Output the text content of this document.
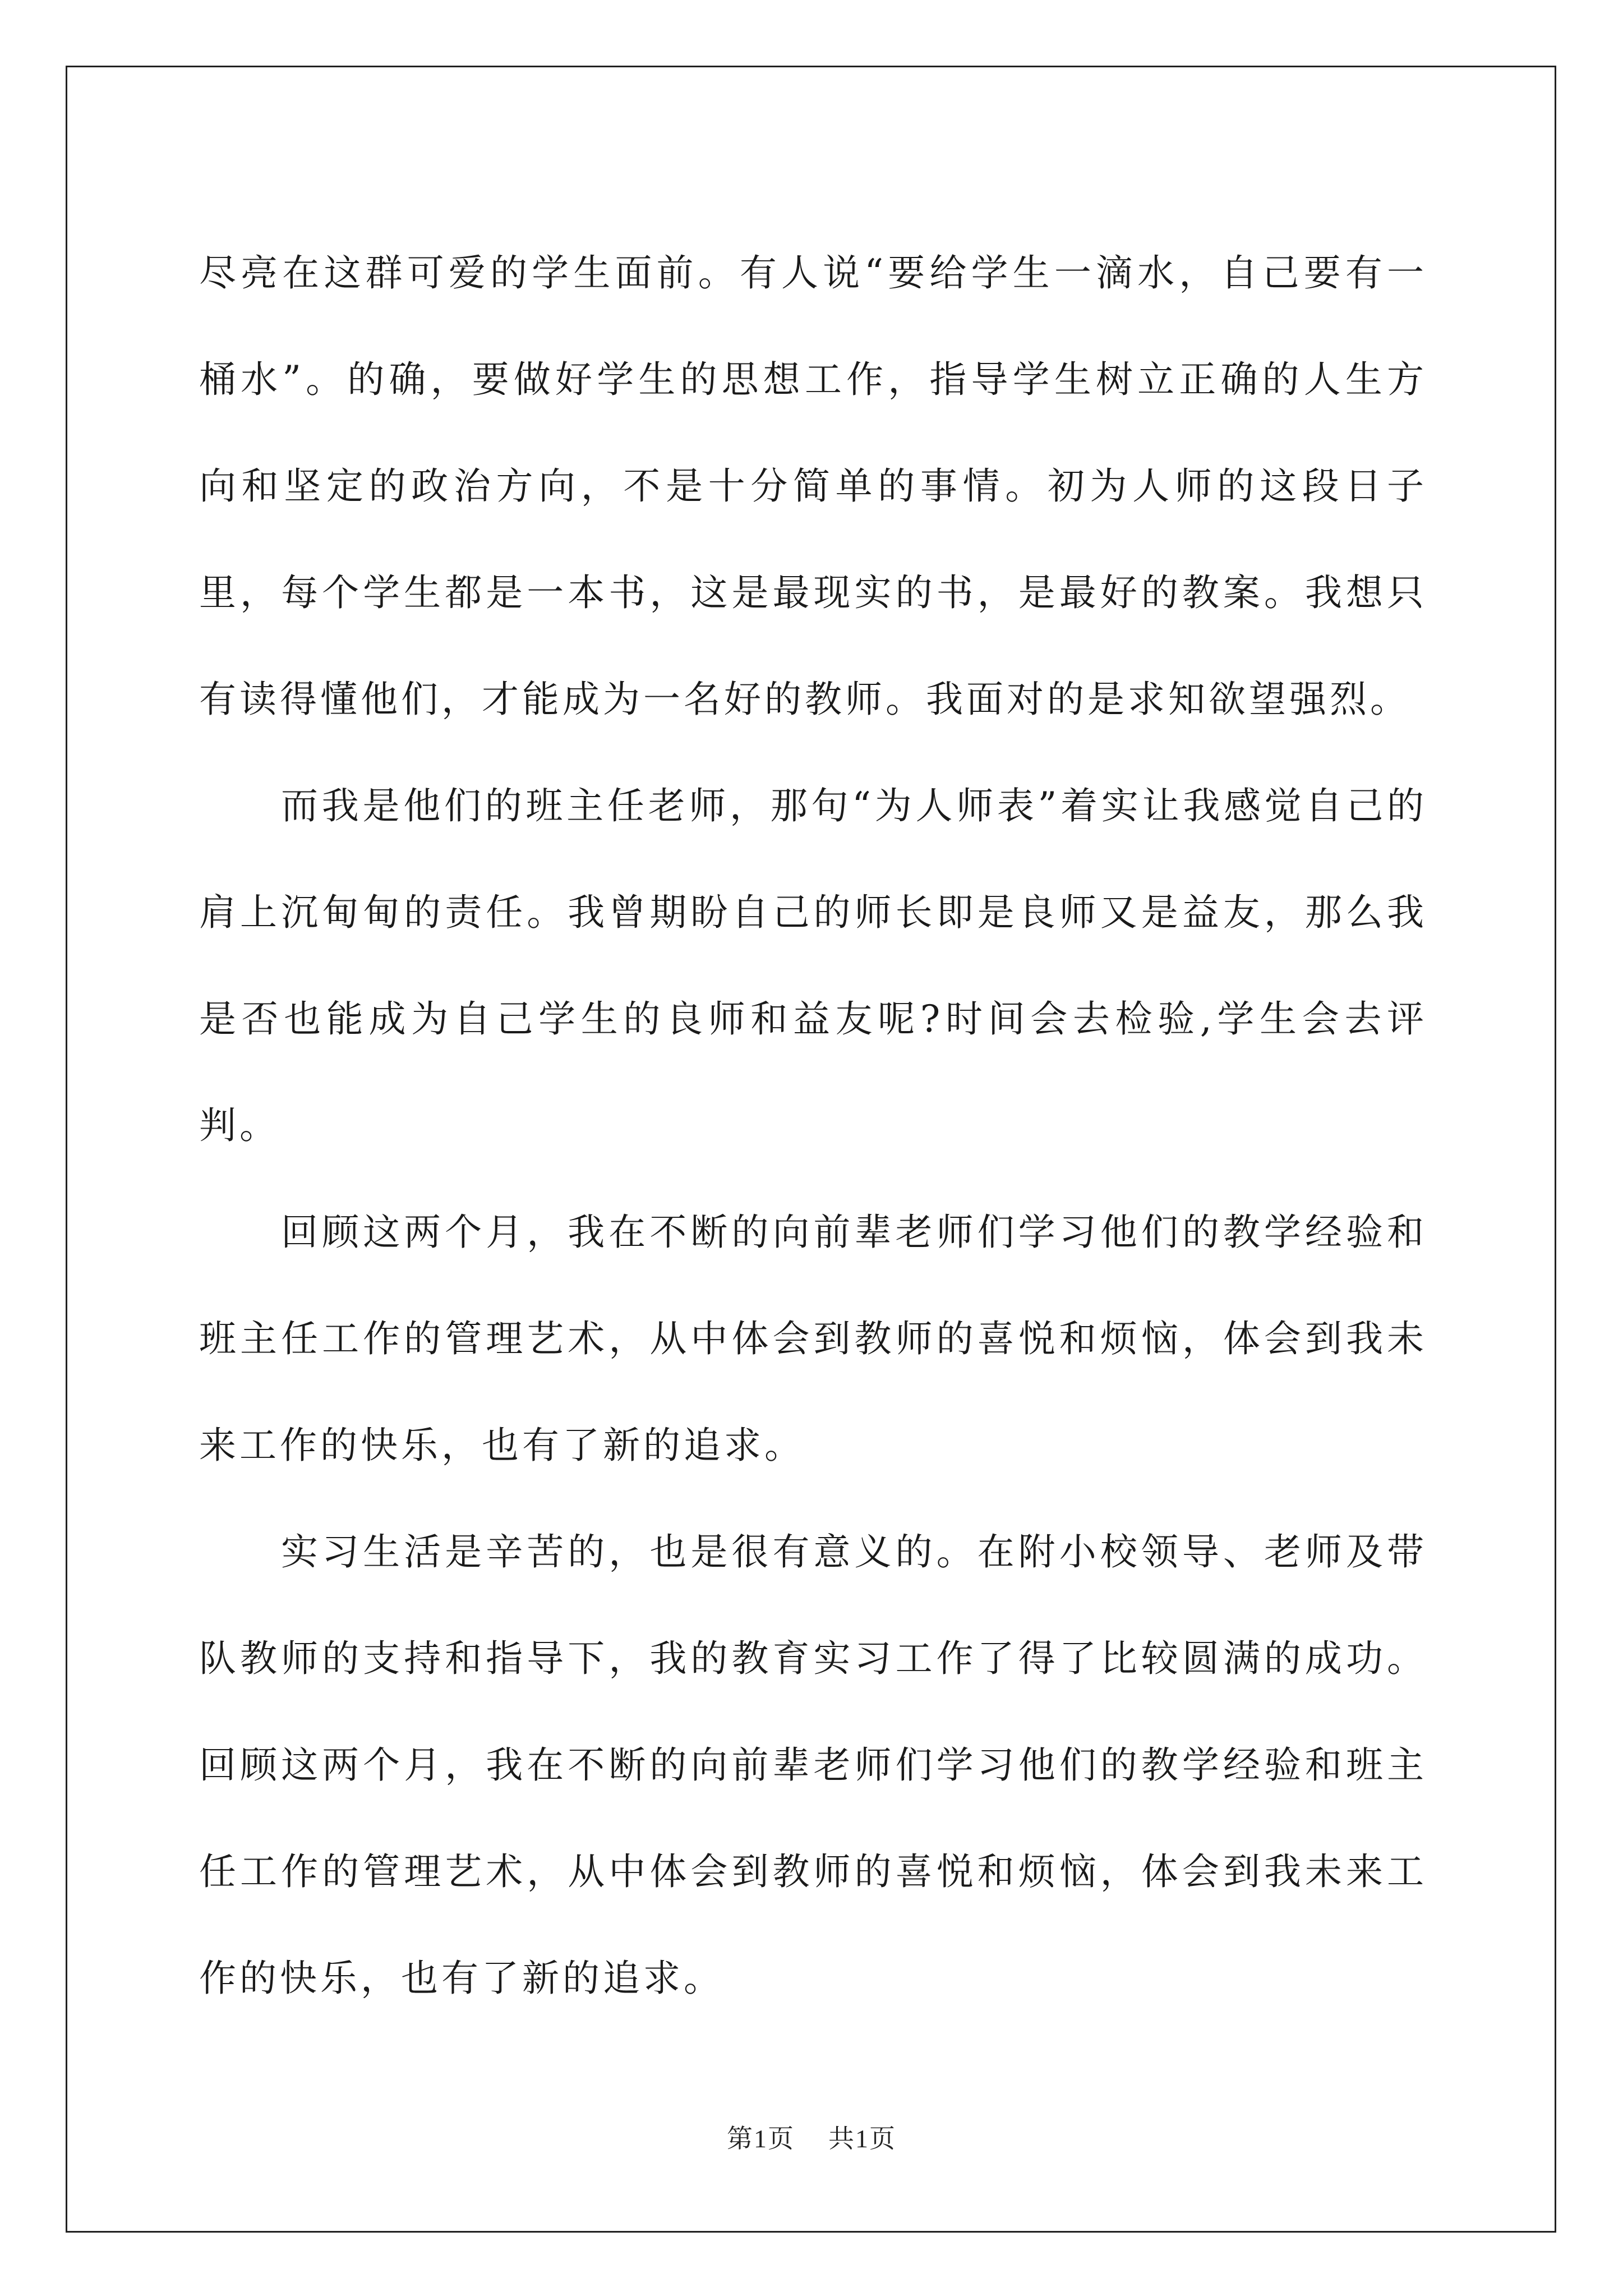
尽亮在这群可爱的学生面前。有人说“要给学生一滴水，自己要有一桶水”。的确，要做好学生的思想工作，指导学生树立正确的人生方向和坚定的政治方向，不是十分简单的事情。初为人师的这段日子里，每个学生都是一本书，这是最现实的书，是最好的教案。我想只有读得懂他们，才能成为一名好的教师。我面对的是求知欲望强烈。

而我是他们的班主任老师，那句“为人师表”着实让我感觉自己的肩上沉甸甸的责任。我曾期盼自己的师长即是良师又是益友，那么我是否也能成为自己学生的良师和益友呢?时间会去检验,学生会去评判。

回顾这两个月，我在不断的向前辈老师们学习他们的教学经验和班主任工作的管理艺术，从中体会到教师的喜悦和烦恼，体会到我未来工作的快乐，也有了新的追求。

实习生活是辛苦的，也是很有意义的。在附小校领导、老师及带队教师的支持和指导下，我的教育实习工作了得了比较圆满的成功。回顾这两个月，我在不断的向前辈老师们学习他们的教学经验和班主任工作的管理艺术，从中体会到教师的喜悦和烦恼，体会到我未来工作的快乐，也有了新的追求。

第1页 共1页
